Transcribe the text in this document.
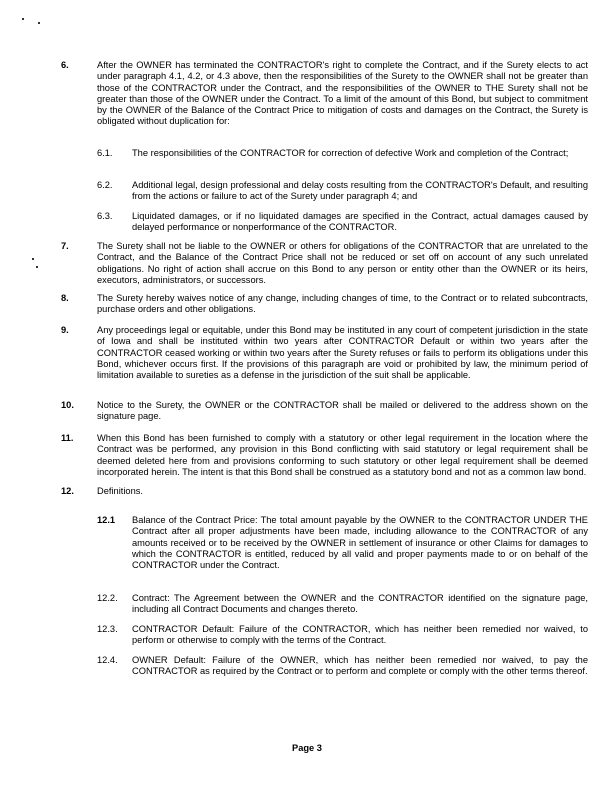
6.	After the OWNER has terminated the CONTRACTOR's right to complete the Contract, and if the Surety elects to act under paragraph 4.1, 4.2, or 4.3 above, then the responsibilities of the Surety to the OWNER shall not be greater than those of the CONTRACTOR under the Contract, and the responsibilities of the OWNER to THE Surety shall not be greater than those of the OWNER under the Contract. To a limit of the amount of this Bond, but subject to commitment by the OWNER of the Balance of the Contract Price to mitigation of costs and damages on the Contract, the Surety is obligated without duplication for:
6.1. The responsibilities of the CONTRACTOR for correction of defective Work and completion of the Contract;
6.2. Additional legal, design professional and delay costs resulting from the CONTRACTOR's Default, and resulting from the actions or failure to act of the Surety under paragraph 4; and
6.3. Liquidated damages, or if no liquidated damages are specified in the Contract, actual damages caused by delayed performance or nonperformance of the CONTRACTOR.
7.	The Surety shall not be liable to the OWNER or others for obligations of the CONTRACTOR that are unrelated to the Contract, and the Balance of the Contract Price shall not be reduced or set off on account of any such unrelated obligations. No right of action shall accrue on this Bond to any person or entity other than the OWNER or its heirs, executors, administrators, or successors.
8.	The Surety hereby waives notice of any change, including changes of time, to the Contract or to related subcontracts, purchase orders and other obligations.
9.	Any proceedings legal or equitable, under this Bond may be instituted in any court of competent jurisdiction in the state of Iowa and shall be instituted within two years after CONTRACTOR Default or within two years after the CONTRACTOR ceased working or within two years after the Surety refuses or fails to perform its obligations under this Bond, whichever occurs first. If the provisions of this paragraph are void or prohibited by law, the minimum period of limitation available to sureties as a defense in the jurisdiction of the suit shall be applicable.
10. Notice to the Surety, the OWNER or the CONTRACTOR shall be mailed or delivered to the address shown on the signature page.
11.	When this Bond has been furnished to comply with a statutory or other legal requirement in the location where the Contract was be performed, any provision in this Bond conflicting with said statutory or legal requirement shall be deemed deleted here from and provisions conforming to such statutory or other legal requirement shall be deemed incorporated herein. The intent is that this Bond shall be construed as a statutory bond and not as a common law bond.
12. Definitions.
12.1 Balance of the Contract Price: The total amount payable by the OWNER to the CONTRACTOR UNDER THE Contract after all proper adjustments have been made, including allowance to the CONTRACTOR of any amounts received or to be received by the OWNER in settlement of insurance or other Claims for damages to which the CONTRACTOR is entitled, reduced by all valid and proper payments made to or on behalf of the CONTRACTOR under the Contract.
12.2. Contract: The Agreement between the OWNER and the CONTRACTOR identified on the signature page, including all Contract Documents and changes thereto.
12.3. CONTRACTOR Default: Failure of the CONTRACTOR, which has neither been remedied nor waived, to perform or otherwise to comply with the terms of the Contract.
12.4. OWNER Default: Failure of the OWNER, which has neither been remedied nor waived, to pay the CONTRACTOR as required by the Contract or to perform and complete or comply with the other terms thereof.
Page 3
